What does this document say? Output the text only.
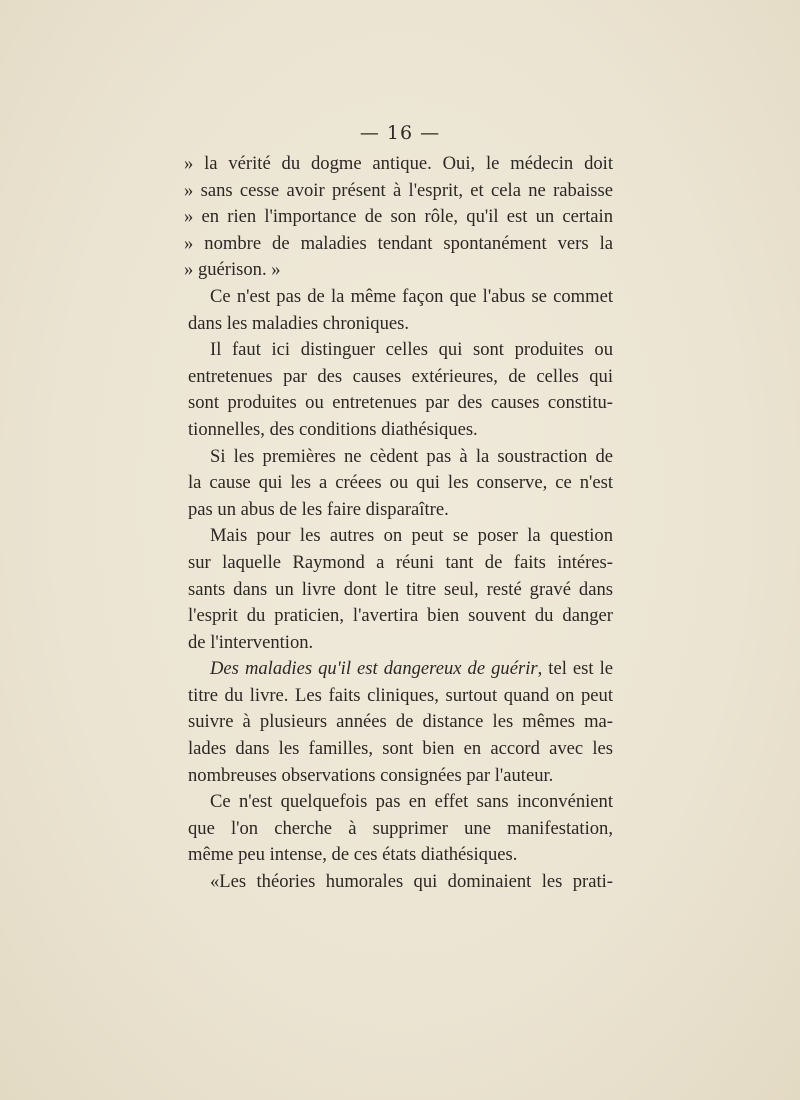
— 16 —
» la vérité du dogme antique. Oui, le médecin doit
» sans cesse avoir présent à l'esprit, et cela ne rabaisse
» en rien l'importance de son rôle, qu'il est un certain
» nombre de maladies tendant spontanément vers la
» guérison. »
Ce n'est pas de la même façon que l'abus se commet
dans les maladies chroniques.
Il faut ici distinguer celles qui sont produites ou
entretenues par des causes extérieures, de celles qui
sont produites ou entretenues par des causes constitu-
tionnelles, des conditions diathésiques.
Si les premières ne cèdent pas à la soustraction de
la cause qui les a créees ou qui les conserve, ce n'est
pas un abus de les faire disparaître.
Mais pour les autres on peut se poser la question
sur laquelle Raymond a réuni tant de faits intéres-
sants dans un livre dont le titre seul, resté gravé dans
l'esprit du praticien, l'avertira bien souvent du danger
de l'intervention.
Des maladies qu'il est dangereux de guérir, tel est le
titre du livre. Les faits cliniques, surtout quand on peut
suivre à plusieurs années de distance les mêmes ma-
lades dans les familles, sont bien en accord avec les
nombreuses observations consignées par l'auteur.
Ce n'est quelquefois pas en effet sans inconvénient
que l'on cherche à supprimer une manifestation,
même peu intense, de ces états diathésiques.
«Les théories humorales qui dominaient les prati-
